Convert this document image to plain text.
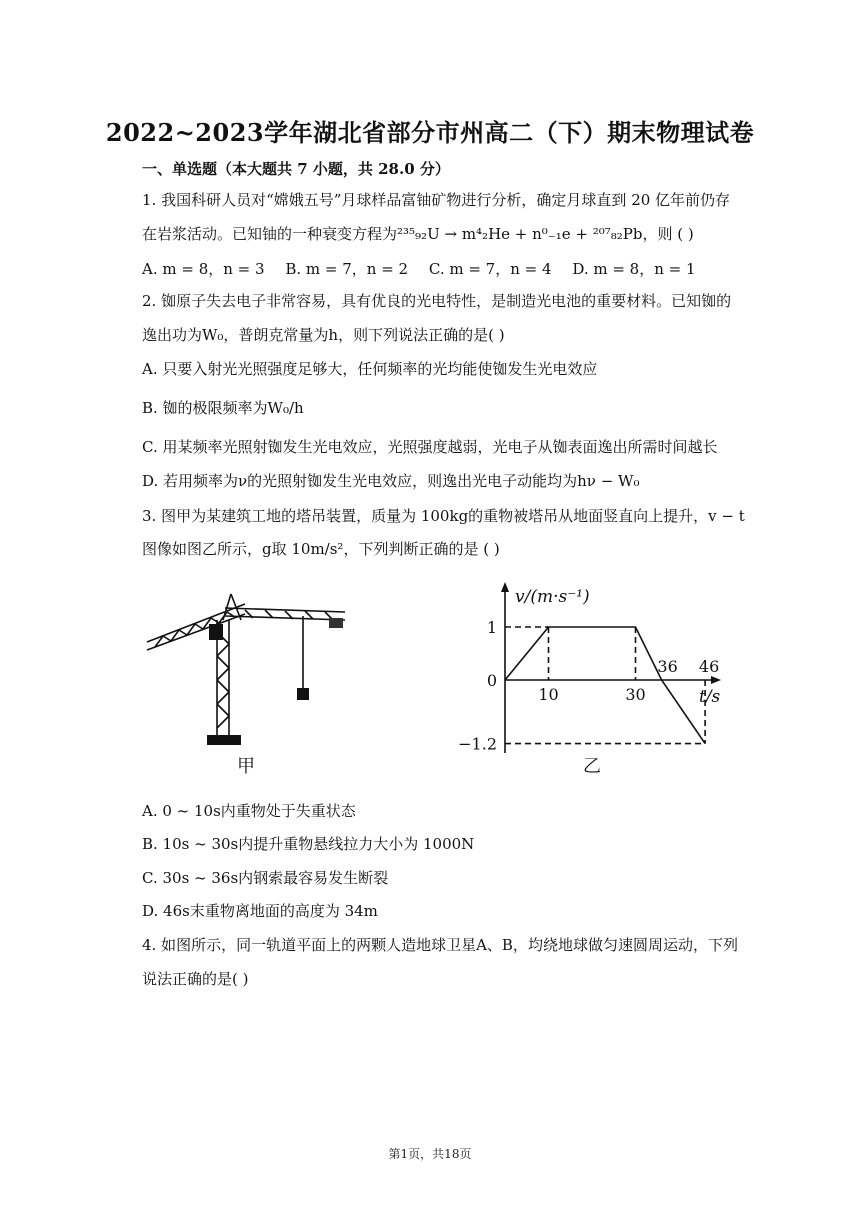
2022~2023学年湖北省部分市州高二（下）期末物理试卷
一、单选题（本大题共 7 小题，共 28.0 分）
1. 我国科研人员对“嫦娥五号”月球样品富铀矿物进行分析，确定月球直到 20 亿年前仍存
在岩浆活动。已知铀的一种衰变方程为²³⁵₉₂U → m⁴₂He + n⁰₋₁e + ²⁰⁷₈₂Pb，则 ( )
A. m = 8，n = 3 B. m = 7，n = 2 C. m = 7，n = 4 D. m = 8，n = 1
2. 铷原子失去电子非常容易，具有优良的光电特性，是制造光电池的重要材料。已知铷的
逸出功为W₀，普朗克常量为h，则下列说法正确的是( )
A. 只要入射光光照强度足够大，任何频率的光均能使铷发生光电效应
B. 铷的极限频率为W₀/h
C. 用某频率光照射铷发生光电效应，光照强度越弱，光电子从铷表面逸出所需时间越长
D. 若用频率为ν的光照射铷发生光电效应，则逸出光电子动能均为hν − W₀
3. 图甲为某建筑工地的塔吊装置，质量为 100kg的重物被塔吊从地面竖直向上提升，v − t
图像如图乙所示，g取 10m/s²，下列判断正确的是 ( )
甲
v/(m·s⁻¹)
t/s
10	30
36 46
1
0
−1.2
乙
A. 0 ~ 10s内重物处于失重状态
B. 10s ~ 30s内提升重物悬线拉力大小为 1000N
C. 30s ~ 36s内钢索最容易发生断裂
D. 46s末重物离地面的高度为 34m
4. 如图所示，同一轨道平面上的两颗人造地球卫星A、B，均绕地球做匀速圆周运动，下列
说法正确的是( )
第1页，共18页
